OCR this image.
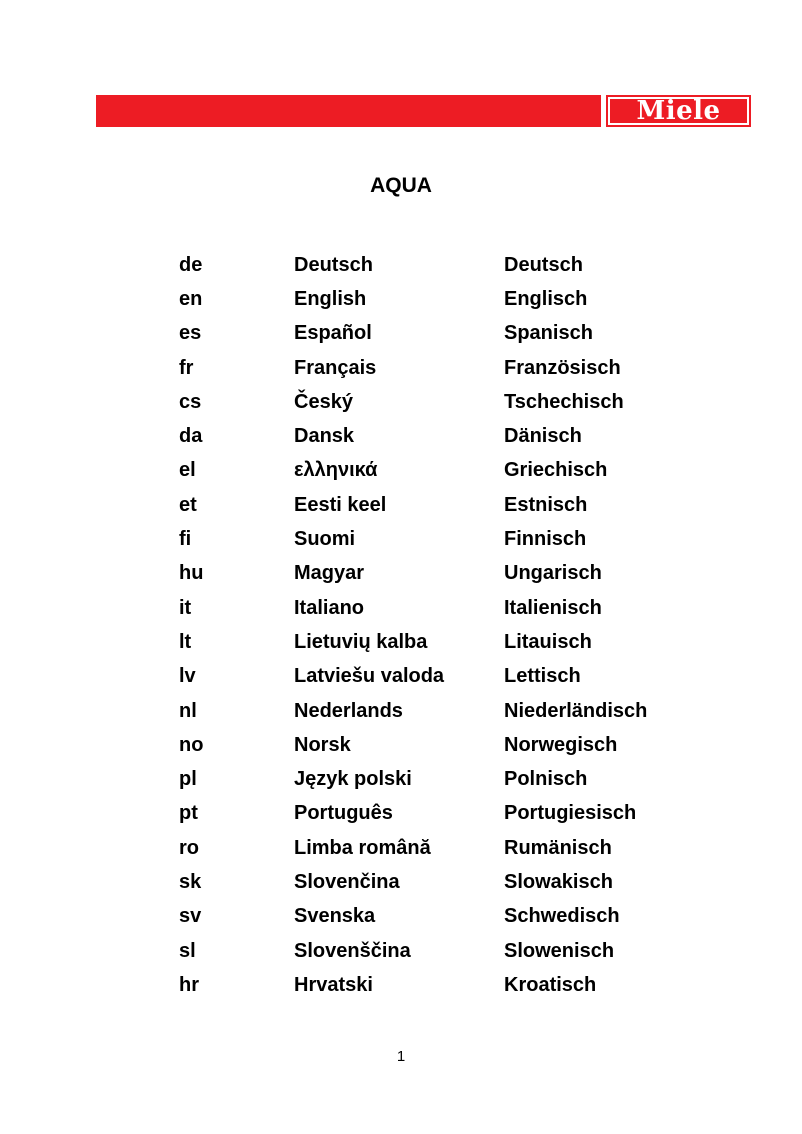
Miele
AQUA
de	Deutsch	Deutsch
en	English	Englisch
es	Español	Spanisch
fr	Français	Französisch
cs	Český	Tschechisch
da	Dansk	Dänisch
el	ελληνικά	Griechisch
et	Eesti keel	Estnisch
fi	Suomi	Finnisch
hu	Magyar	Ungarisch
it	Italiano	Italienisch
lt	Lietuvių kalba	Litauisch
lv	Latviešu valoda	Lettisch
nl	Nederlands	Niederländisch
no	Norsk	Norwegisch
pl	Język polski	Polnisch
pt	Português	Portugiesisch
ro	Limba română	Rumänisch
sk	Slovenčina	Slowakisch
sv	Svenska	Schwedisch
sl	Slovenščina	Slowenisch
hr	Hrvatski	Kroatisch
1
